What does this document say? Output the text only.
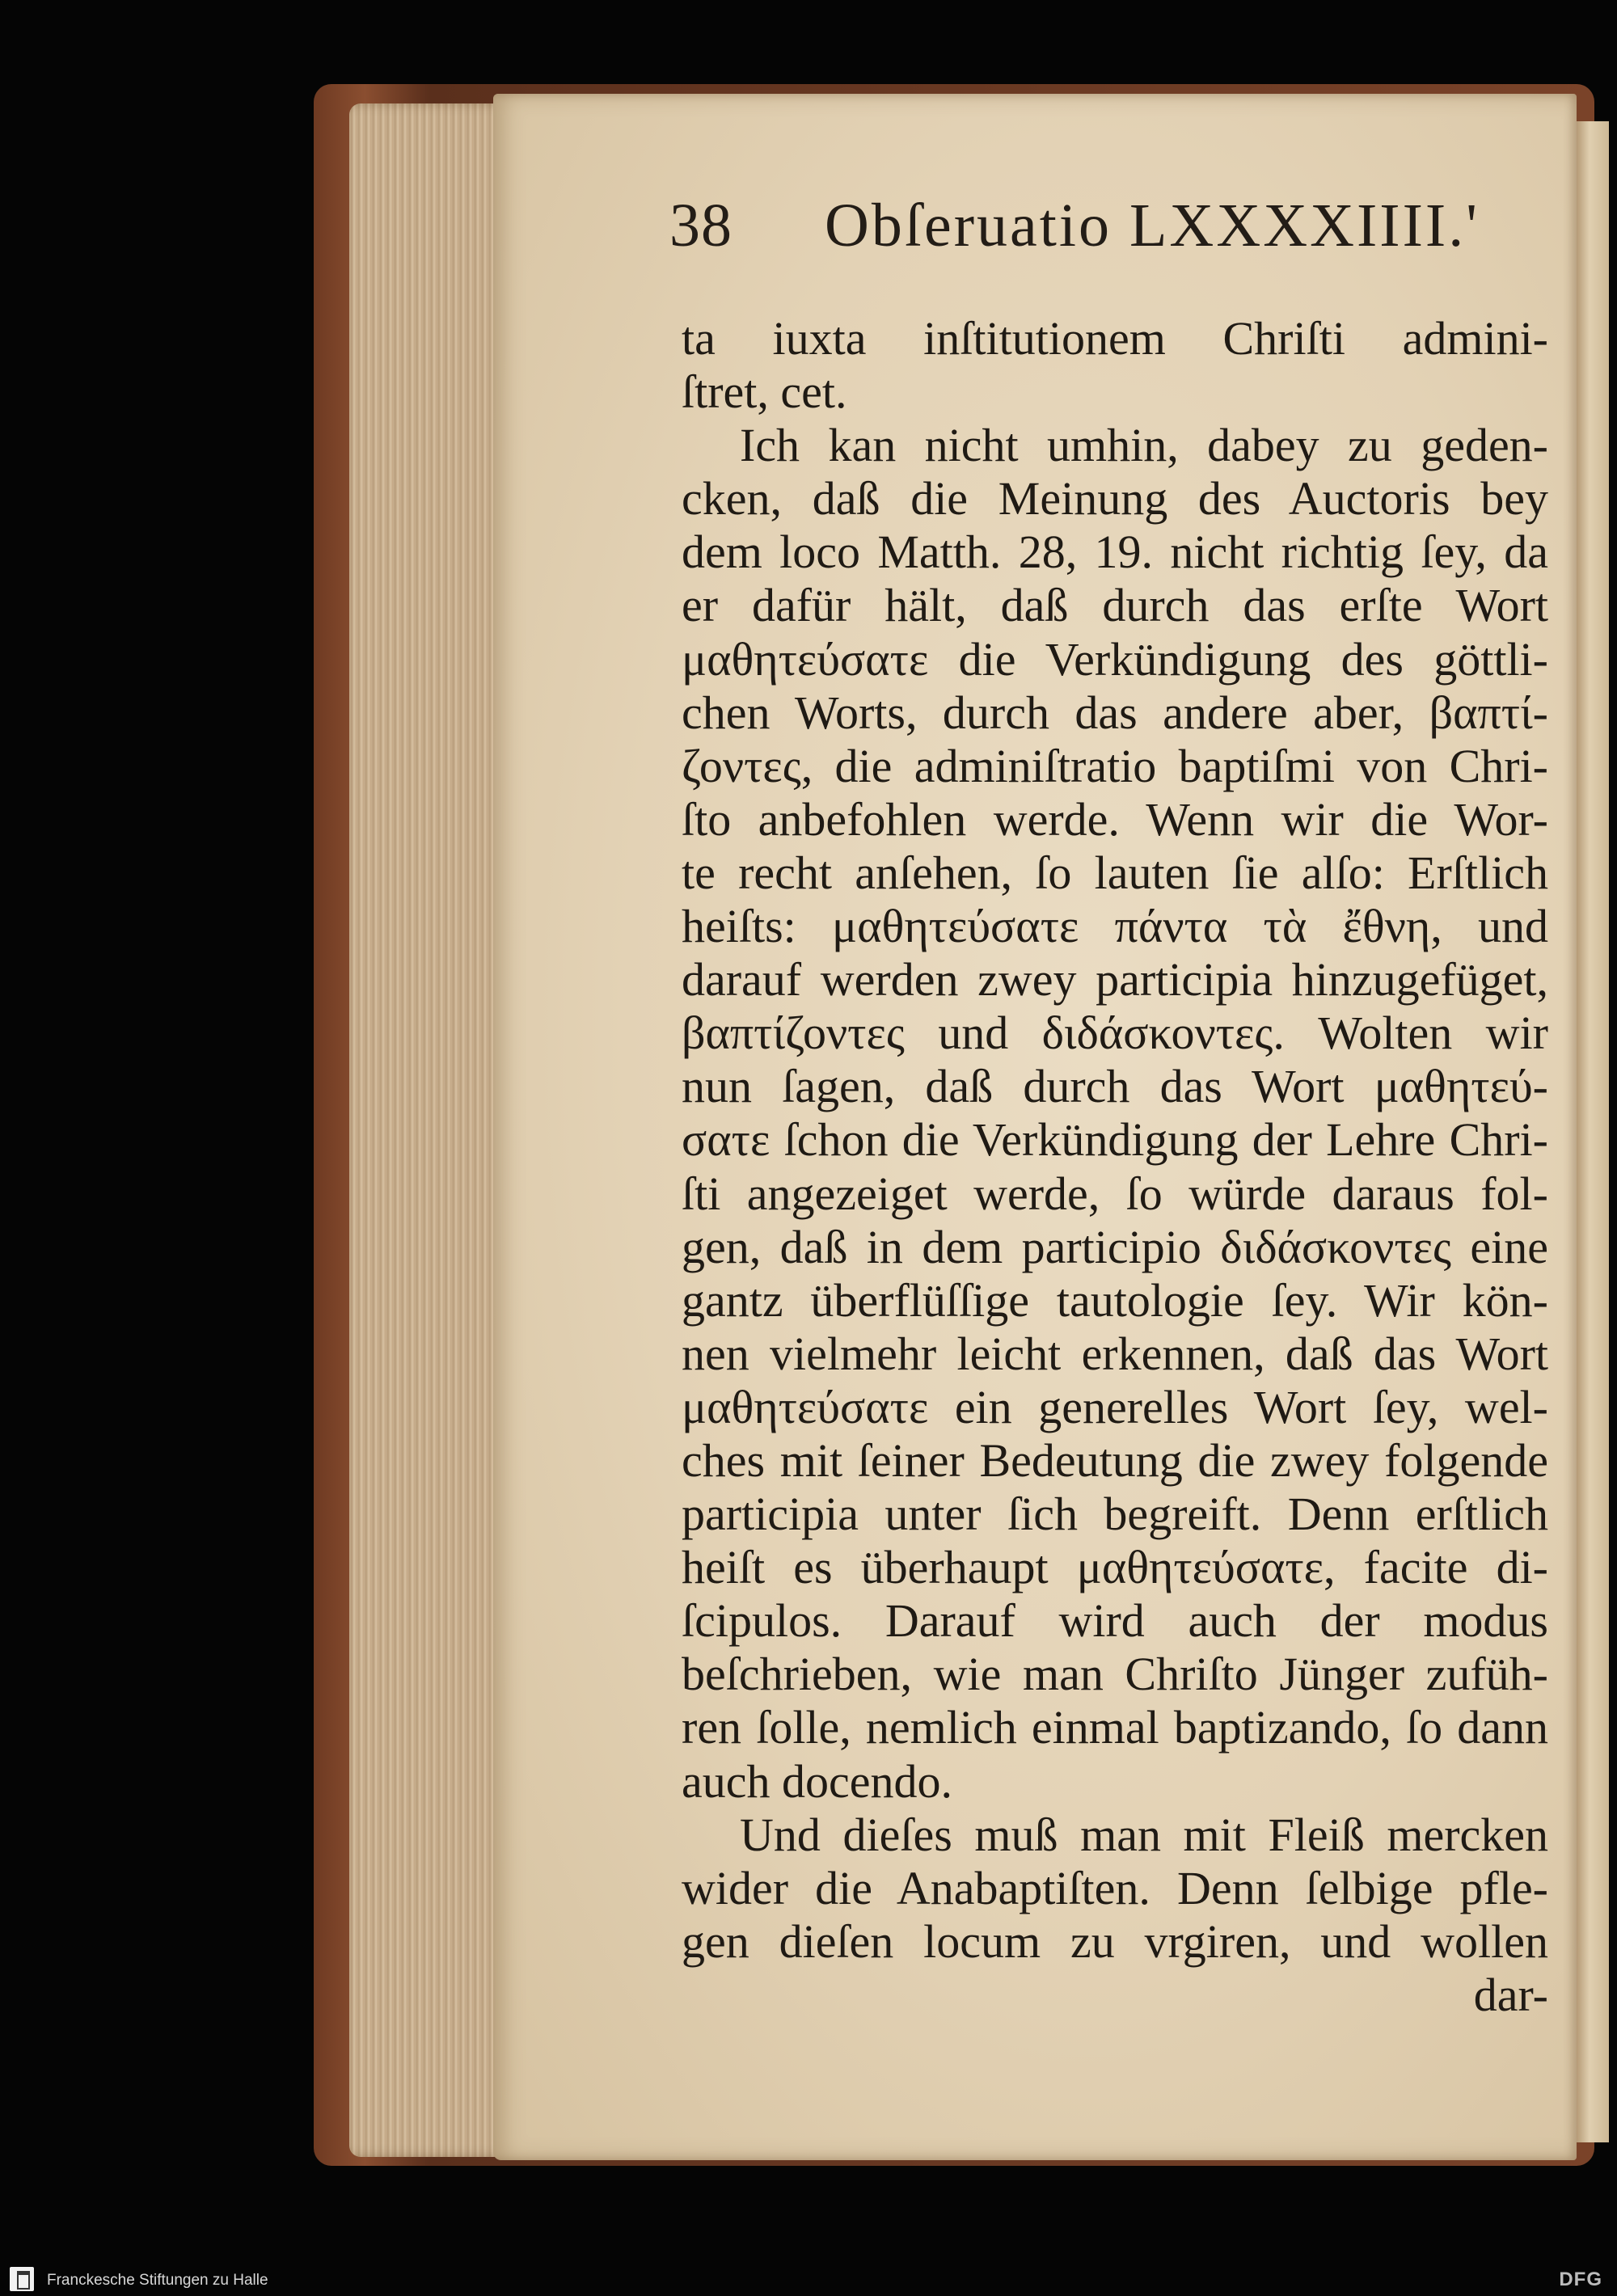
38 Obſeruatio LXXXXIIII.'
ta iuxta inſtitutionem Chriſti admini-
ſtret, cet.
Ich kan nicht umhin, dabey zu geden-
cken, daß die Meinung des Auctoris bey
dem loco Matth. 28, 19. nicht richtig ſey, da
er dafür hält, daß durch das erſte Wort
μαθητεύσατε die Verkündigung des göttli-
chen Worts, durch das andere aber, βαπτί-
ζοντες, die adminiſtratio baptiſmi von Chri-
ſto anbefohlen werde. Wenn wir die Wor-
te recht anſehen, ſo lauten ſie alſo: Erſtlich
heiſts: μαθητεύσατε πάντα τὰ ἔθνη, und
darauf werden zwey participia hinzugefüget,
βαπτίζοντες und διδάσκοντες. Wolten wir
nun ſagen, daß durch das Wort μαθητεύ-
σατε ſchon die Verkündigung der Lehre Chri-
ſti angezeiget werde, ſo würde daraus fol-
gen, daß in dem participio διδάσκοντες eine
gantz überflüſſige tautologie ſey. Wir kön-
nen vielmehr leicht erkennen, daß das Wort
μαθητεύσατε ein generelles Wort ſey, wel-
ches mit ſeiner Bedeutung die zwey folgende
participia unter ſich begreift. Denn erſtlich
heiſt es überhaupt μαθητεύσατε, facite di-
ſcipulos. Darauf wird auch der modus
beſchrieben, wie man Chriſto Jünger zufüh-
ren ſolle, nemlich einmal baptizando, ſo dann
auch docendo.
Und dieſes muß man mit Fleiß mercken
wider die Anabaptiſten. Denn ſelbige pfle-
gen dieſen locum zu vrgiren, und wollen
dar-
Franckesche Stiftungen zu Halle	DFG
